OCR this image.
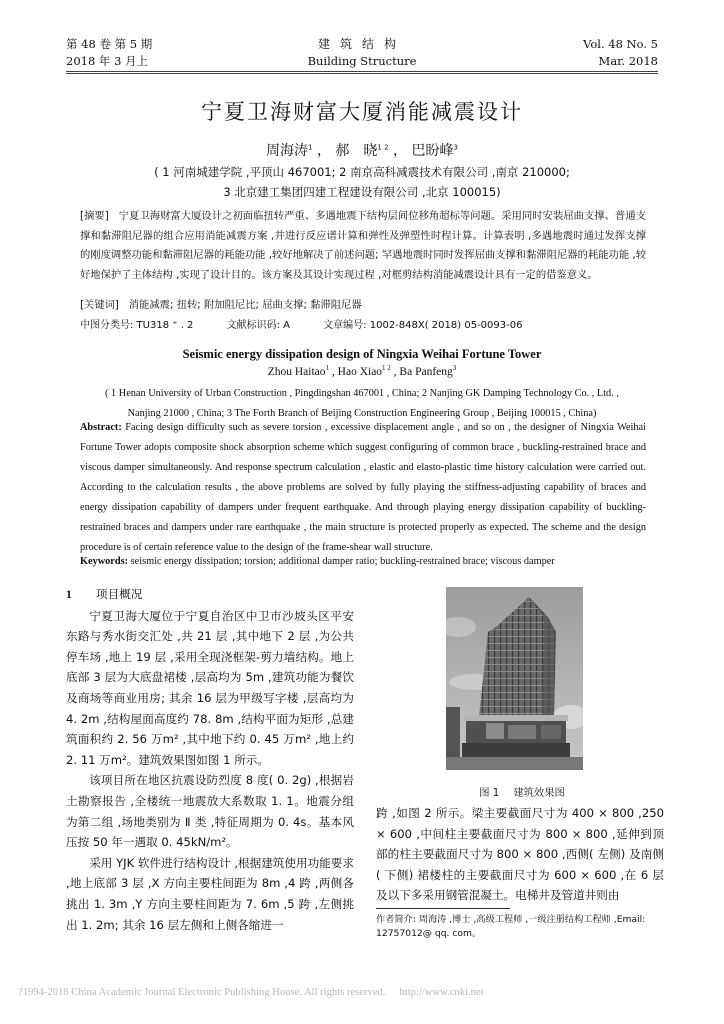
第 48 卷 第 5 期
2018 年 3 月上
建筑结构
Building Structure
Vol. 48 No. 5
Mar. 2018
宁夏卫海财富大厦消能减震设计
周海涛$^1$ ， 郝　晓$^{1 2}$ ， 巴盼峰$^3$
( 1 河南城建学院 ,平顶山 467001; 2 南京高科减震技术有限公司 ,南京 210000;
3 北京建工集团四建工程建设有限公司 ,北京 100015)
[摘要] 宁夏卫海财富大厦设计之初面临扭转严重、多遇地震下结构层间位移角超标等问题。采用同时安装屈曲支撑、普通支撑和黏滞阻尼器的组合应用消能减震方案 ,并进行反应谱计算和弹性及弹塑性时程计算。计算表明 ,多遇地震时通过发挥支撑的刚度调整功能和黏滞阻尼器的耗能功能 ,较好地解决了前述问题; 罕遇地震时同时发挥屈曲支撑和黏滞阻尼器的耗能功能 ,较好地保护了主体结构 ,实现了设计目的。该方案及其设计实现过程 ,对框剪结构消能减震设计具有一定的借鉴意义。
[关键词] 消能减震; 扭转; 附加阻尼比; 屈曲支撑; 黏滞阻尼器
中图分类号: TU318 ⁺ . 2	文献标识码: A	文章编号: 1002-848X( 2018) 05-0093-06
Seismic energy dissipation design of Ningxia Weihai Fortune Tower
Zhou Haitao$^1$ , Hao Xiao$^{1 2}$ , Ba Panfeng$^3$
( 1 Henan University of Urban Construction , Pingdingshan 467001 , China; 2 Nanjing GK Damping Technology Co. , Ltd. ,
Nanjing 21000 , China; 3 The Forth Branch of Beijing Construction Engineering Group , Beijing 100015 , China)
Abstract: Facing design difficulty such as severe torsion , excessive displacement angle , and so on , the designer of Ningxia Weihai Fortune Tower adopts composite shock absorption scheme which suggest configuring of common brace , buckling-restrained brace and viscous damper simultaneously. And response spectrum calculation , elastic and elasto-plastic time history calculation were carried out. According to the calculation results , the above problems are solved by fully playing the stiffness-adjusting capability of braces and energy dissipation capability of dampers under frequent earthquake. And through playing energy dissipation capability of buckling-restrained braces and dampers under rare earthquake , the main structure is protected properly as expected. The scheme and the design procedure is of certain reference value to the design of the frame-shear wall structure.
Keywords: seismic energy dissipation; torsion; additional damper ratio; buckling-restrained brace; viscous damper
1 项目概况

宁夏卫海大厦位于宁夏自治区中卫市沙坡头区平安东路与秀水街交汇处 ,共 21 层 ,其中地下 2 层 ,为公共停车场 ,地上 19 层 ,采用全现浇框架-剪力墙结构。地上底部 3 层为大底盘裙楼 ,层高均为 5m ,建筑功能为餐饮及商场等商业用房; 其余 16 层为甲级写字楼 ,层高均为 4. 2m ,结构屋面高度约 78. 8m ,结构平面为矩形 ,总建筑面积约 2. 56 万m² ,其中地下约 0. 45 万m² ,地上约 2. 11 万m²。建筑效果图如图 1 所示。

该项目所在地区抗震设防烈度 8 度( 0. 2g) ,根据岩土勘察报告 ,全楼统一地震放大系数取 1. 1。地震分组为第二组 ,场地类别为 Ⅱ 类 ,特征周期为 0. 4s。基本风压按 50 年一遇取 0. 45kN/m²。

采用 YJK 软件进行结构设计 ,根据建筑使用功能要求 ,地上底部 3 层 ,X 方向主要柱间距为 8m ,4 跨 ,两侧各挑出 1. 3m ,Y 方向主要柱间距为 7. 6m ,5 跨 ,左侧挑出 1. 2m; 其余 16 层左侧和上侧各缩进一

图 1 建筑效果图

跨 ,如图 2 所示。梁主要截面尺寸为 400 × 800 ,250 × 600 ,中间柱主要截面尺寸为 800 × 800 ,延伸到顶部的柱主要截面尺寸为 800 × 800 ,西侧( 左侧) 及南侧( 下侧) 裙楼柱的主要截面尺寸为 600 × 600 ,在 6 层及以下多采用钢管混凝土。电梯井及管道井则由

作者简介: 周海涛 ,博士 ,高级工程师 ,一级注册结构工程师 ,Email: 12757012@ qq. com。
?1994-2018 China Academic Journal Electronic Publishing House. All rights reserved. http://www.cnki.net
